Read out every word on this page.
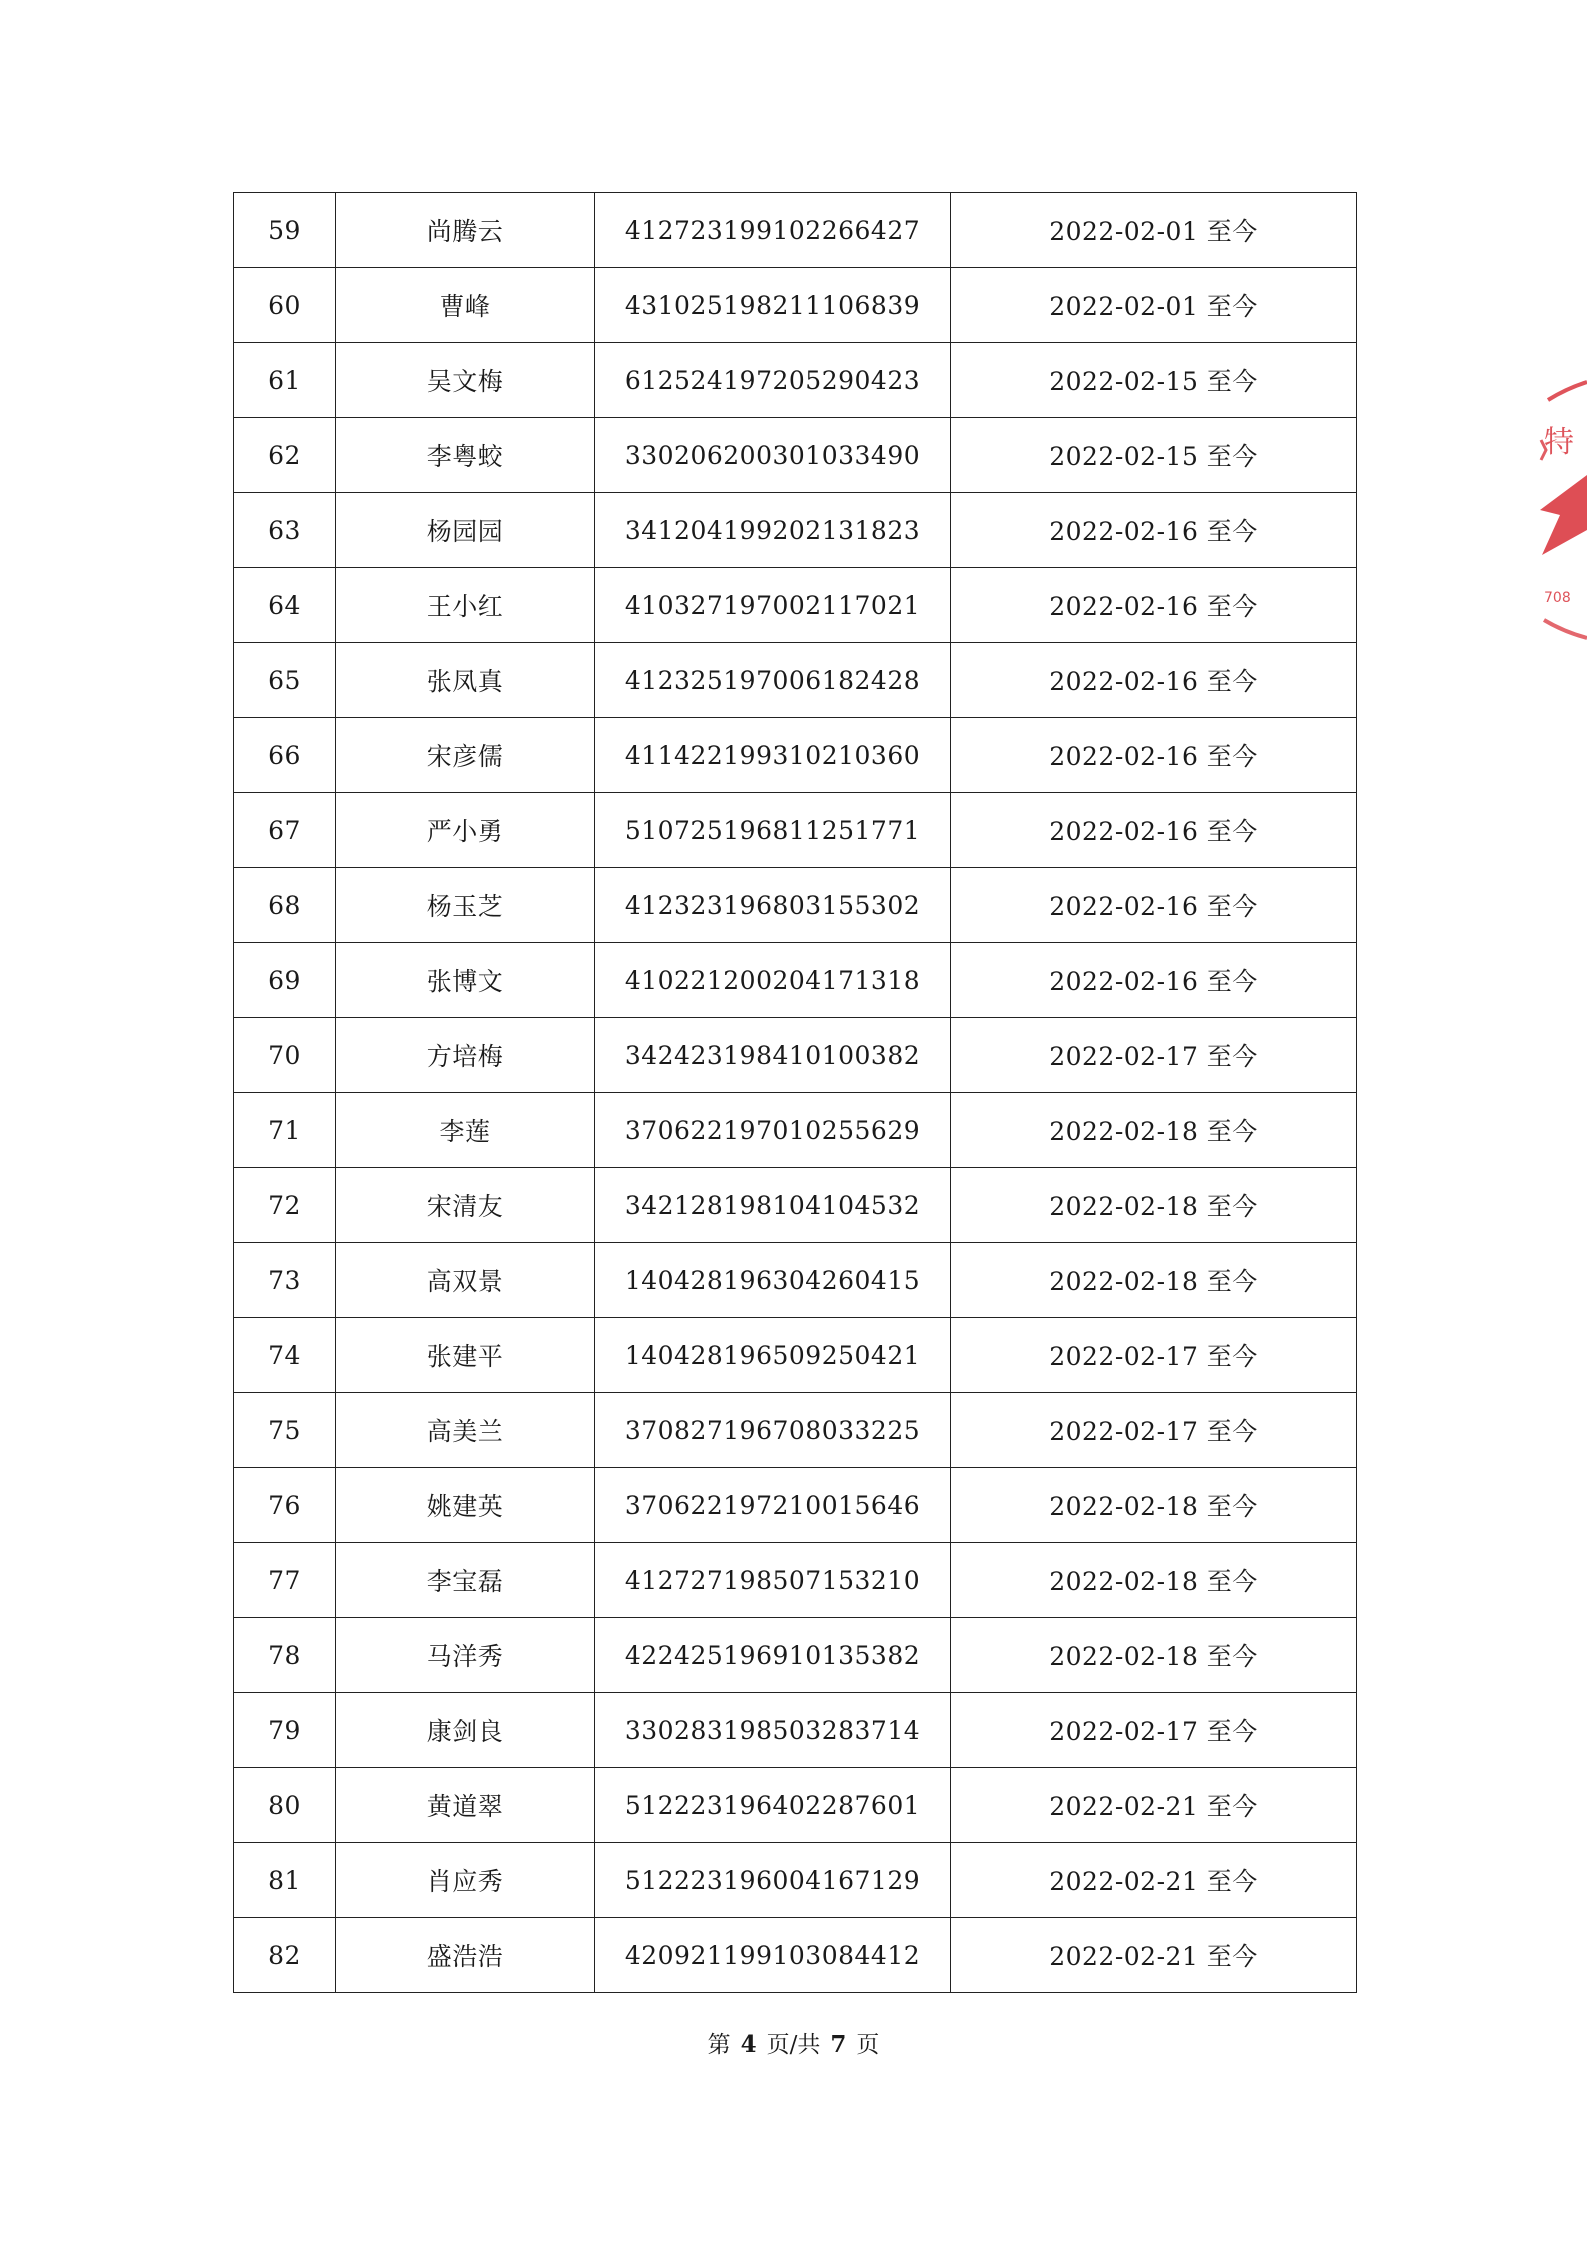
59	尚腾云	412723199102266427	2022-02-01 至今
60	曹峰	431025198211106839	2022-02-01 至今
61	吴文梅	612524197205290423	2022-02-15 至今
62	李粤蛟	330206200301033490	2022-02-15 至今
63	杨园园	341204199202131823	2022-02-16 至今
64	王小红	410327197002117021	2022-02-16 至今
65	张凤真	412325197006182428	2022-02-16 至今
66	宋彦儒	411422199310210360	2022-02-16 至今
67	严小勇	510725196811251771	2022-02-16 至今
68	杨玉芝	412323196803155302	2022-02-16 至今
69	张博文	410221200204171318	2022-02-16 至今
70	方培梅	342423198410100382	2022-02-17 至今
71	李莲	370622197010255629	2022-02-18 至今
72	宋清友	342128198104104532	2022-02-18 至今
73	高双景	140428196304260415	2022-02-18 至今
74	张建平	140428196509250421	2022-02-17 至今
75	高美兰	370827196708033225	2022-02-17 至今
76	姚建英	370622197210015646	2022-02-18 至今
77	李宝磊	412727198507153210	2022-02-18 至今
78	马洋秀	422425196910135382	2022-02-18 至今
79	康剑良	330283198503283714	2022-02-17 至今
80	黄道翠	512223196402287601	2022-02-21 至今
81	肖应秀	512223196004167129	2022-02-21 至今
82	盛浩浩	420921199103084412	2022-02-21 至今
第 4 页/共 7 页
特
708
